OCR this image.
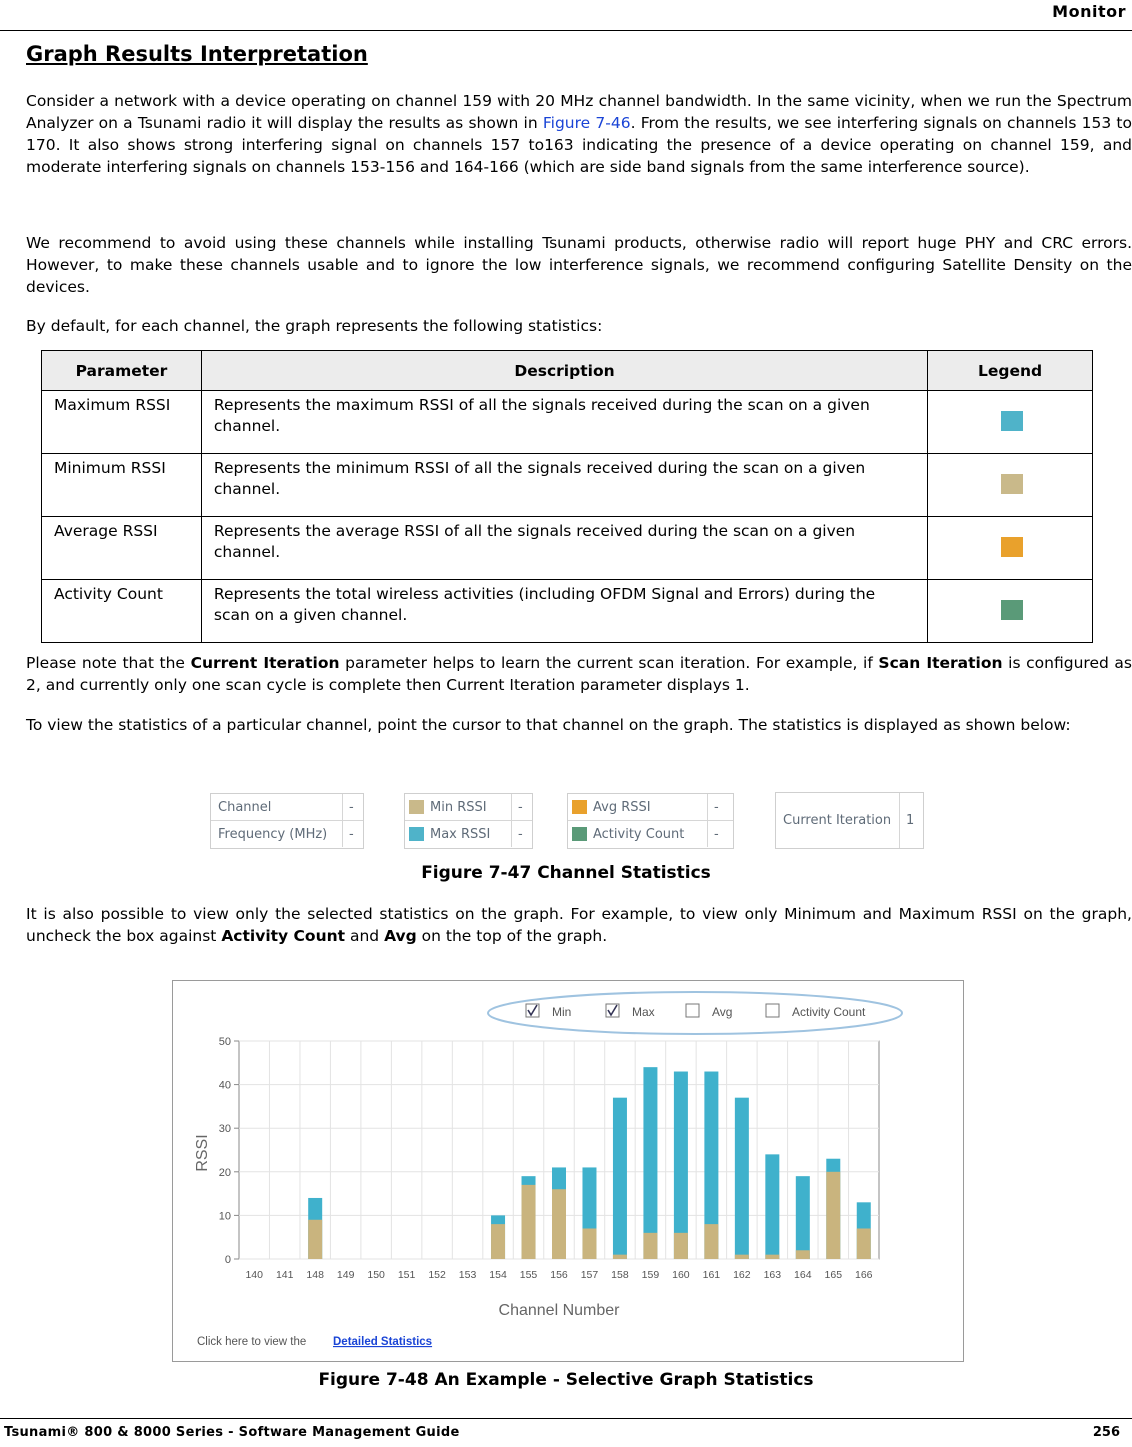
Monitor
Graph Results Interpretation
Consider a network with a device operating on channel 159 with 20 MHz channel bandwidth. In the same vicinity, when we run the Spectrum Analyzer on a Tsunami radio it will display the results as shown in Figure 7-46. From the results, we see interfering signals on channels 153 to 170. It also shows strong interfering signal on channels 157 to163 indicating the presence of a device operating on channel 159, and moderate interfering signals on channels 153-156 and 164-166 (which are side band signals from the same interference source).
We recommend to avoid using these channels while installing Tsunami products, otherwise radio will report huge PHY and CRC errors. However, to make these channels usable and to ignore the low interference signals, we recommend configuring Satellite Density on the devices.
By default, for each channel, the graph represents the following statistics:
Parameter	Description	Legend
Maximum RSSI	Represents the maximum RSSI of all the signals received during the scan on a given channel.	
Minimum RSSI	Represents the minimum RSSI of all the signals received during the scan on a given channel.	
Average RSSI	Represents the average RSSI of all the signals received during the scan on a given channel.	
Activity Count	Represents the total wireless activities (including OFDM Signal and Errors) during the scan on a given channel.	
Please note that the Current Iteration parameter helps to learn the current scan iteration. For example, if Scan Iteration is configured as 2, and currently only one scan cycle is complete then Current Iteration parameter displays 1.
To view the statistics of a particular channel, point the cursor to that channel on the graph. The statistics is displayed as shown below:
Channel	-
Frequency (MHz)	-
Min RSSI	-
Max RSSI	-
Avg RSSI	-
Activity Count	-
Current Iteration	1
Figure 7-47 Channel Statistics
It is also possible to view only the selected statistics on the graph. For example, to view only Minimum and Maximum RSSI on the graph, uncheck the box against Activity Count and Avg on the top of the graph.
Min	Max	Avg	Activity Count
0
10
20
30
40
50
140 141 148 149 150 151 152 153 154 155 156 157 158 159 160 161 162 163 164 165 166
Channel Number
RSSI
Click here to view the Detailed Statistics
Figure 7-48 An Example - Selective Graph Statistics
Tsunami® 800 & 8000 Series - Software Management Guide	256
